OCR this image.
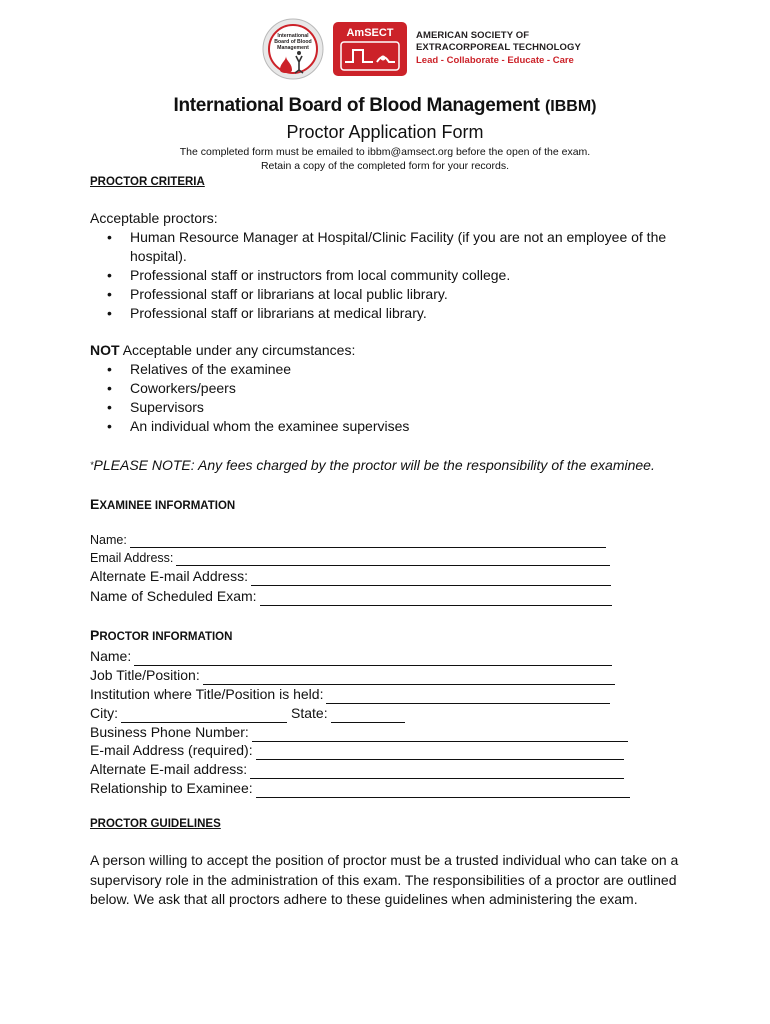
International
Board of Blood
Management
AmSECT AMERICAN SOCIETY OF
EXTRACORPOREAL TECHNOLOGY
Lead - Collaborate - Educate - Care
International Board of Blood Management (IBBM)
Proctor Application Form
The completed form must be emailed to ibbm@amsect.org before the open of the exam.
Retain a copy of the completed form for your records.
PROCTOR CRITERIA
Acceptable proctors:
• Human Resource Manager at Hospital/Clinic Facility (if you are not an employee of the
hospital).
• Professional staff or instructors from local community college.
• Professional staff or librarians at local public library.
• Professional staff or librarians at medical library.
NOT Acceptable under any circumstances:
• Relatives of the examinee
• Coworkers/peers
• Supervisors
• An individual whom the examinee supervises
*PLEASE NOTE: Any fees charged by the proctor will be the responsibility of the examinee.
EXAMINEE INFORMATION
Name:
Email Address:
Alternate E-mail Address:
Name of Scheduled Exam:
PROCTOR INFORMATION
Name:
Job Title/Position:
Institution where Title/Position is held:
City:	State:
Business Phone Number:
E-mail Address (required):
Alternate E-mail address:
Relationship to Examinee:
PROCTOR GUIDELINES
A person willing to accept the position of proctor must be a trusted individual who can take on a supervisory role in the administration of this exam. The responsibilities of a proctor are outlined below. We ask that all proctors adhere to these guidelines when administering the exam.
